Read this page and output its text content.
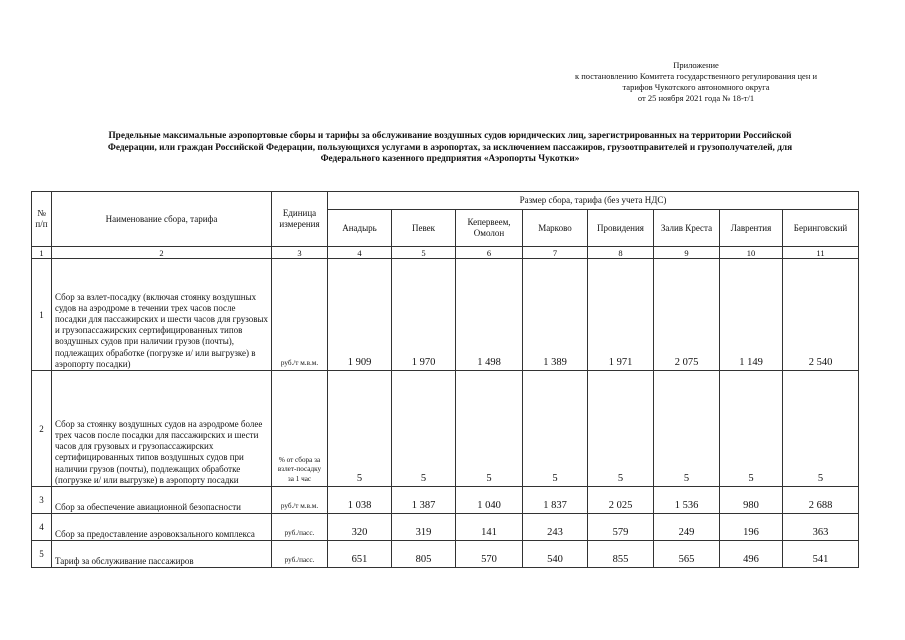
Приложение
к постановлению Комитета государственного регулирования цен и
тарифов Чукотского автономного округа
от 25 ноября 2021 года № 18-т/1
Предельные максимальные аэропортовые сборы и тарифы за обслуживание воздушных судов юридических лиц, зарегистрированных на территории Российской
Федерации, или граждан Российской Федерации, пользующихся услугами в аэропортах, за исключением пассажиров, грузоотправителей и грузополучателей, для
Федерального казенного предприятия «Аэропорты Чукотки»
№ п/п	Наименование сбора, тарифа	Единица измерения	Размер сбора, тарифа (без учета НДС)							
			Анадырь	Певек	Кепервеем, Омолон	Марково	Провидения	Залив Креста	Лаврентия	Беринговский
1	2	3	4	5	6	7	8	9	10	11
1	Сбор за взлет-посадку (включая стоянку воздушных судов на аэродроме в течении трех часов после посадки для пассажирских и шести часов для грузовых и грузопассажирских сертифицированных типов воздушных судов при наличии грузов (почты), подлежащих обработке (погрузке и/ или выгрузке) в аэропорту посадки)	руб./т м.в.м.	1 909	1 970	1 498	1 389	1 971	2 075	1 149	2 540
2	Сбор за стоянку воздушных судов на аэродроме более трех часов после посадки для пассажирских и шести часов для грузовых и грузопассажирских сертифицированных типов воздушных судов при наличии грузов (почты), подлежащих обработке (погрузке и/ или выгрузке) в аэропорту посадки	% от сбора за взлет-посадку за 1 час	5	5	5	5	5	5	5	5
3	Сбор за обеспечение авиационной безопасности	руб./т м.в.м.	1 038	1 387	1 040	1 837	2 025	1 536	980	2 688
4	Сбор за предоставление аэровокзального комплекса	руб./пасс.	320	319	141	243	579	249	196	363
5	Тариф за обслуживание пассажиров	руб./пасс.	651	805	570	540	855	565	496	541
